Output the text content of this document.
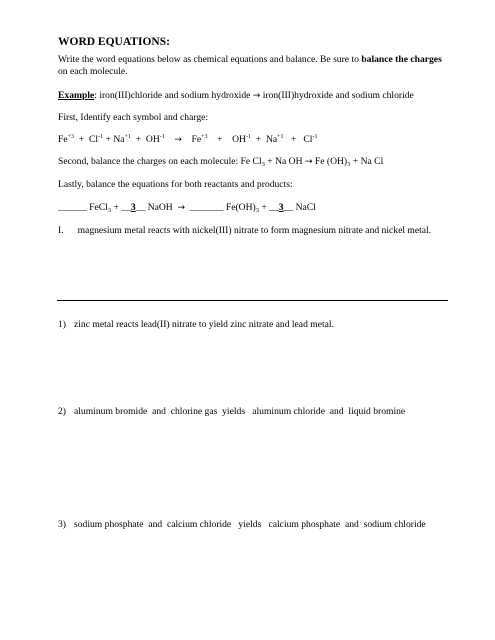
WORD EQUATIONS:
Write the word equations below as chemical equations and balance. Be sure to balance the charges on each molecule.
Example: iron(III)chloride and sodium hydroxide → iron(III)hydroxide and sodium chloride
First, Identify each symbol and charge:
$Fe^{+3} + Cl^{-1} + Na^{+1} + OH^{-1} \to Fe^{+3} + OH^{-1} + Na^{+1} + Cl^{-1}$
Second, balance the charges on each molecule: Fe $Cl_3 + Na$ OH → Fe $(OH)_3 + Na$ Cl
Lastly, balance the equations for both reactants and products:
______ FeCl$_3$ + __3__ NaOH  → _______ $Fe(OH)_3$ + __3__ NaCl
I. magnesium metal reacts with nickel(III) nitrate to form magnesium nitrate and nickel metal.
1) zinc metal reacts lead(II) nitrate to yield zinc nitrate and lead metal.
2) aluminum bromide  and  chlorine gas  yields   aluminum chloride  and  liquid bromine
3) sodium phosphate  and  calcium chloride   yields   calcium phosphate  and  sodium chloride
